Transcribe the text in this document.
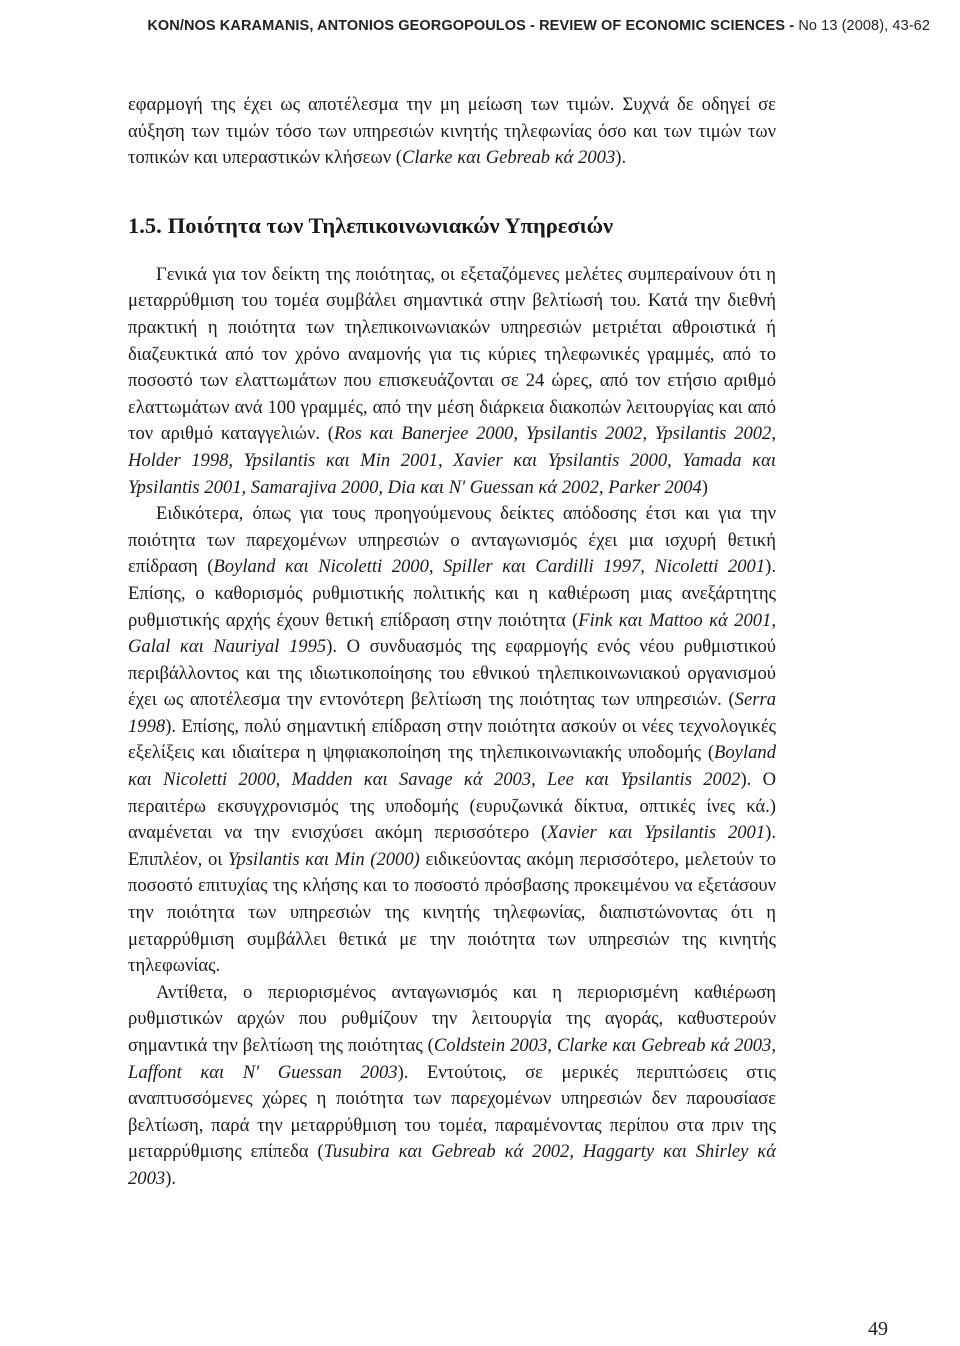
KON/NOS KARAMANIS, ANTONIOS GEORGOPOULOS - REVIEW OF ECONOMIC SCIENCES - No 13 (2008), 43-62

εφαρμογή της έχει ως αποτέλεσμα την μη μείωση των τιμών. Συχνά δε οδηγεί σε αύξηση των τιμών τόσο των υπηρεσιών κινητής τηλεφωνίας όσο και των τιμών των τοπικών και υπεραστικών κλήσεων (Clarke και Gebreab κά 2003).

1.5. Ποιότητα των Τηλεπικοινωνιακών Υπηρεσιών

Γενικά για τον δείκτη της ποιότητας, οι εξεταζόμενες μελέτες συμπεραίνουν ότι η μεταρρύθμιση του τομέα συμβάλει σημαντικά στην βελτίωσή του. Κατά την διεθνή πρακτική η ποιότητα των τηλεπικοινωνιακών υπηρεσιών μετριέται αθροιστικά ή διαζευκτικά από τον χρόνο αναμονής για τις κύριες τηλεφωνικές γραμμές, από το ποσοστό των ελαττωμάτων που επισκευάζονται σε 24 ώρες, από τον ετήσιο αριθμό ελαττωμάτων ανά 100 γραμμές, από την μέση διάρκεια διακοπών λειτουργίας και από τον αριθμό καταγγελιών. (Ros και Banerjee 2000, Ypsilantis 2002, Ypsilantis 2002, Holder 1998, Ypsilantis και Min 2001, Xavier και Ypsilantis 2000, Yamada και Ypsilantis 2001, Samarajiva 2000, Dia και N' Guessan κά 2002, Parker 2004)

Ειδικότερα, όπως για τους προηγούμενους δείκτες απόδοσης έτσι και για την ποιότητα των παρεχομένων υπηρεσιών ο ανταγωνισμός έχει μια ισχυρή θετική επίδραση (Boyland και Nicoletti 2000, Spiller και Cardilli 1997, Nicoletti 2001). Επίσης, ο καθορισμός ρυθμιστικής πολιτικής και η καθιέρωση μιας ανεξάρτητης ρυθμιστικής αρχής έχουν θετική επίδραση στην ποιότητα (Fink και Mattoo κά 2001, Galal και Nauriyal 1995). Ο συνδυασμός της εφαρμογής ενός νέου ρυθμιστικού περιβάλλοντος και της ιδιωτικοποίησης του εθνικού τηλεπικοινωνιακού οργανισμού έχει ως αποτέλεσμα την εντονότερη βελτίωση της ποιότητας των υπηρεσιών. (Serra 1998). Επίσης, πολύ σημαντική επίδραση στην ποιότητα ασκούν οι νέες τεχνολογικές εξελίξεις και ιδιαίτερα η ψηφιακοποίηση της τηλεπικοινωνιακής υποδομής (Boyland και Nicoletti 2000, Madden και Savage κά 2003, Lee και Ypsilantis 2002). Ο περαιτέρω εκσυγχρονισμός της υποδομής (ευρυζωνικά δίκτυα, οπτικές ίνες κά.) αναμένεται να την ενισχύσει ακόμη περισσότερο (Xavier και Ypsilantis 2001). Επιπλέον, οι Ypsilantis και Min (2000) ειδικεύοντας ακόμη περισσότερο, μελετούν το ποσοστό επιτυχίας της κλήσης και το ποσοστό πρόσβασης προκειμένου να εξετάσουν την ποιότητα των υπηρεσιών της κινητής τηλεφωνίας, διαπιστώνοντας ότι η μεταρρύθμιση συμβάλλει θετικά με την ποιότητα των υπηρεσιών της κινητής τηλεφωνίας.

Αντίθετα, ο περιορισμένος ανταγωνισμός και η περιορισμένη καθιέρωση ρυθμιστικών αρχών που ρυθμίζουν την λειτουργία της αγοράς, καθυστερούν σημαντικά την βελτίωση της ποιότητας (Coldstein 2003, Clarke και Gebreab κά 2003, Laffont και N' Guessan 2003). Εντούτοις, σε μερικές περιπτώσεις στις αναπτυσσόμενες χώρες η ποιότητα των παρεχομένων υπηρεσιών δεν παρουσίασε βελτίωση, παρά την μεταρρύθμιση του τομέα, παραμένοντας περίπου στα πριν της μεταρρύθμισης επίπεδα (Tusubira και Gebreab κά 2002, Haggarty και Shirley κά 2003).

49
